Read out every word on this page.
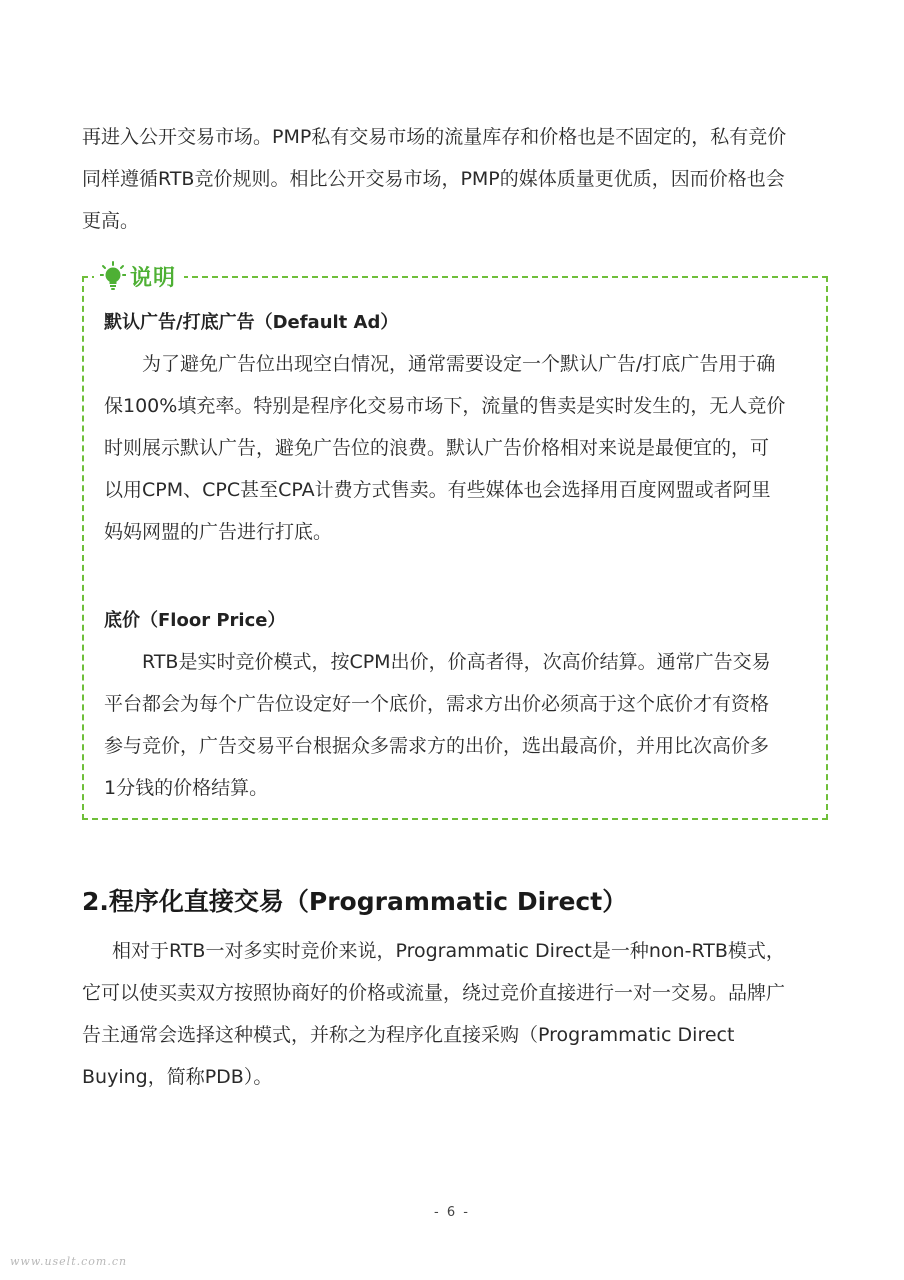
再进入公开交易市场。PMP私有交易市场的流量库存和价格也是不固定的，私有竞价
同样遵循RTB竞价规则。相比公开交易市场，PMP的媒体质量更优质，因而价格也会
更高。
说明
默认广告/打底广告（Default Ad）
为了避免广告位出现空白情况，通常需要设定一个默认广告/打底广告用于确
保100%填充率。特别是程序化交易市场下，流量的售卖是实时发生的，无人竞价
时则展示默认广告，避免广告位的浪费。默认广告价格相对来说是最便宜的，可
以用CPM、CPC甚至CPA计费方式售卖。有些媒体也会选择用百度网盟或者阿里
妈妈网盟的广告进行打底。
底价（Floor Price）
RTB是实时竞价模式，按CPM出价，价高者得，次高价结算。通常广告交易
平台都会为每个广告位设定好一个底价，需求方出价必须高于这个底价才有资格
参与竞价，广告交易平台根据众多需求方的出价，选出最高价，并用比次高价多
1分钱的价格结算。
2.程序化直接交易（Programmatic Direct）
相对于RTB一对多实时竞价来说，Programmatic Direct是一种non-RTB模式，
它可以使买卖双方按照协商好的价格或流量，绕过竞价直接进行一对一交易。品牌广
告主通常会选择这种模式，并称之为程序化直接采购（Programmatic Direct
Buying，简称PDB）。
- 6 -
www.uselt.com.cn
